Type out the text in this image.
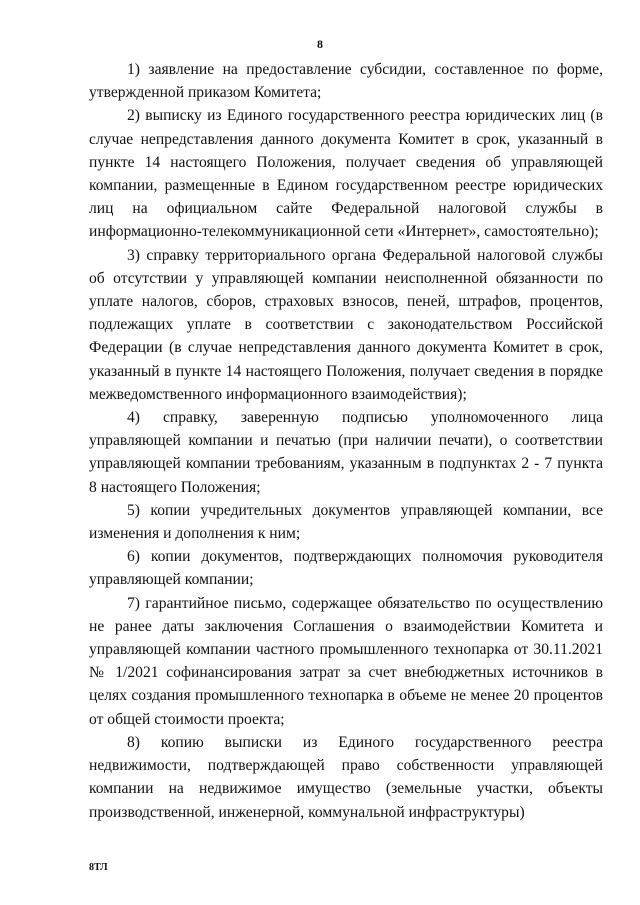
8

1) заявление на предоставление субсидии, составленное по форме, утвержденной приказом Комитета;

2) выписку из Единого государственного реестра юридических лиц (в случае непредставления данного документа Комитет в срок, указанный в пункте 14 настоящего Положения, получает сведения об управляющей компании, размещенные в Едином государственном реестре юридических лиц на официальном сайте Федеральной налоговой службы в информационно-телекоммуникационной сети «Интернет», самостоятельно);

3) справку территориального органа Федеральной налоговой службы об отсутствии у управляющей компании неисполненной обязанности по уплате налогов, сборов, страховых взносов, пеней, штрафов, процентов, подлежащих уплате в соответствии с законодательством Российской Федерации (в случае непредставления данного документа Комитет в срок, указанный в пункте 14 настоящего Положения, получает сведения в порядке межведомственного информационного взаимодействия);

4) справку, заверенную подписью уполномоченного лица управляющей компании и печатью (при наличии печати), о соответствии управляющей компании требованиям, указанным в подпунктах 2 - 7 пункта 8 настоящего Положения;

5) копии учредительных документов управляющей компании, все изменения и дополнения к ним;

6) копии документов, подтверждающих полномочия руководителя управляющей компании;

7) гарантийное письмо, содержащее обязательство по осуществлению не ранее даты заключения Соглашения о взаимодействии Комитета и управляющей компании частного промышленного технопарка от 30.11.2021 № 1/2021 софинансирования затрат за счет внебюджетных источников в целях создания промышленного технопарка в объеме не менее 20 процентов от общей стоимости проекта;

8) копию выписки из Единого государственного реестра недвижимости, подтверждающей право собственности управляющей компании на недвижимое имущество (земельные участки, объекты производственной, инженерной, коммунальной инфраструктуры)

8ТЛ
